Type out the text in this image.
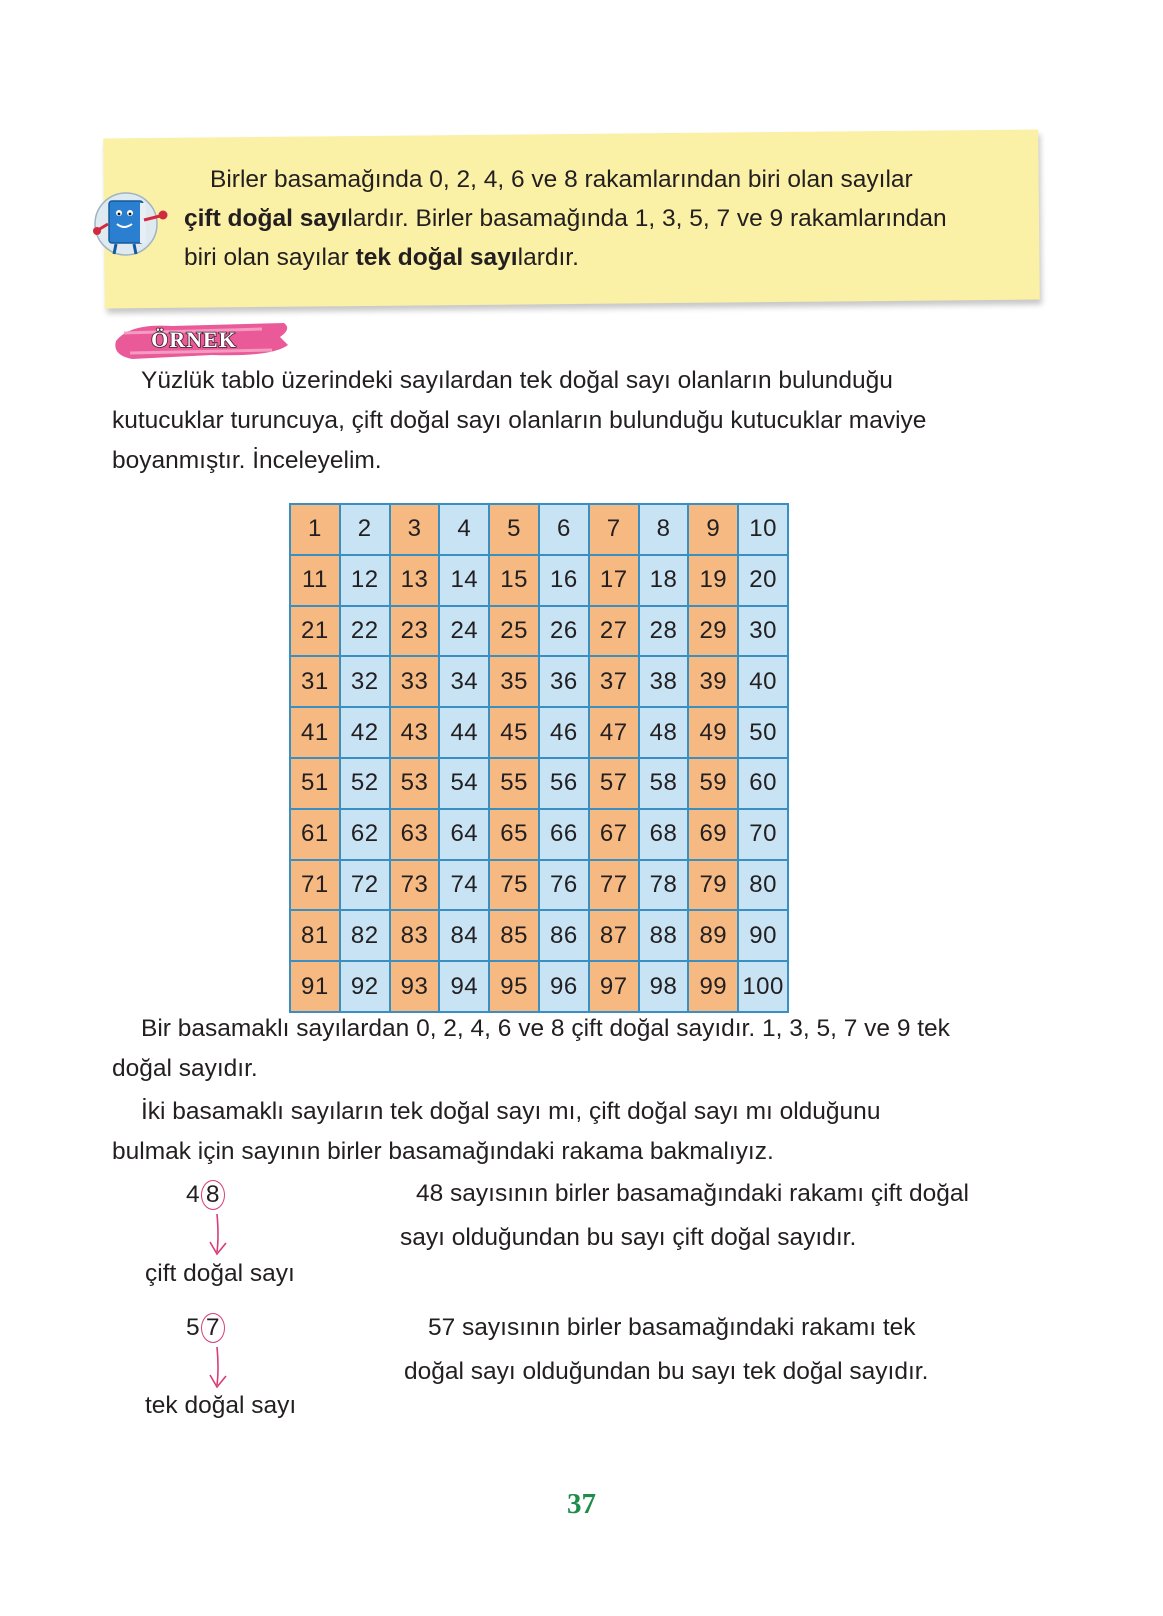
Birler basamağında 0, 2, 4, 6 ve 8 rakamlarından biri olan sayılar

çift doğal sayılardır. Birler basamağında 1, 3, 5, 7 ve 9 rakamlarından

biri olan sayılar tek doğal sayılardır.

ÖRNEK
Yüzlük tablo üzerindeki sayılardan tek doğal sayı olanların bulunduğu
kutucuklar turuncuya, çift doğal sayı olanların bulunduğu kutucuklar maviye
boyanmıştır. İnceleyelim.
1	2	3	4	5	6	7	8	9	10
11 12 13 14 15 16 17 18 19 20
21 22 23 24 25 26 27 28 29 30
31 32 33 34 35 36 37 38 39 40
41 42 43 44 45 46 47 48 49 50
51 52 53 54 55 56 57 58 59 60
61 62 63 64 65 66 67 68 69 70
71 72 73 74 75 76 77 78 79 80
81 82 83 84 85 86 87 88 89 90
91 92 93 94 95 96 97 98 99 100
Bir basamaklı sayılardan 0, 2, 4, 6 ve 8 çift doğal sayıdır. 1, 3, 5, 7 ve 9 tek
doğal sayıdır.
İki basamaklı sayıların tek doğal sayı mı, çift doğal sayı mı olduğunu
bulmak için sayının birler basamağındaki rakama bakmalıyız.
4 8
çift doğal sayı
48 sayısının birler basamağındaki rakamı çift doğal
sayı olduğundan bu sayı çift doğal sayıdır.
5 7
tek doğal sayı
57 sayısının birler basamağındaki rakamı tek
doğal sayı olduğundan bu sayı tek doğal sayıdır.
37
